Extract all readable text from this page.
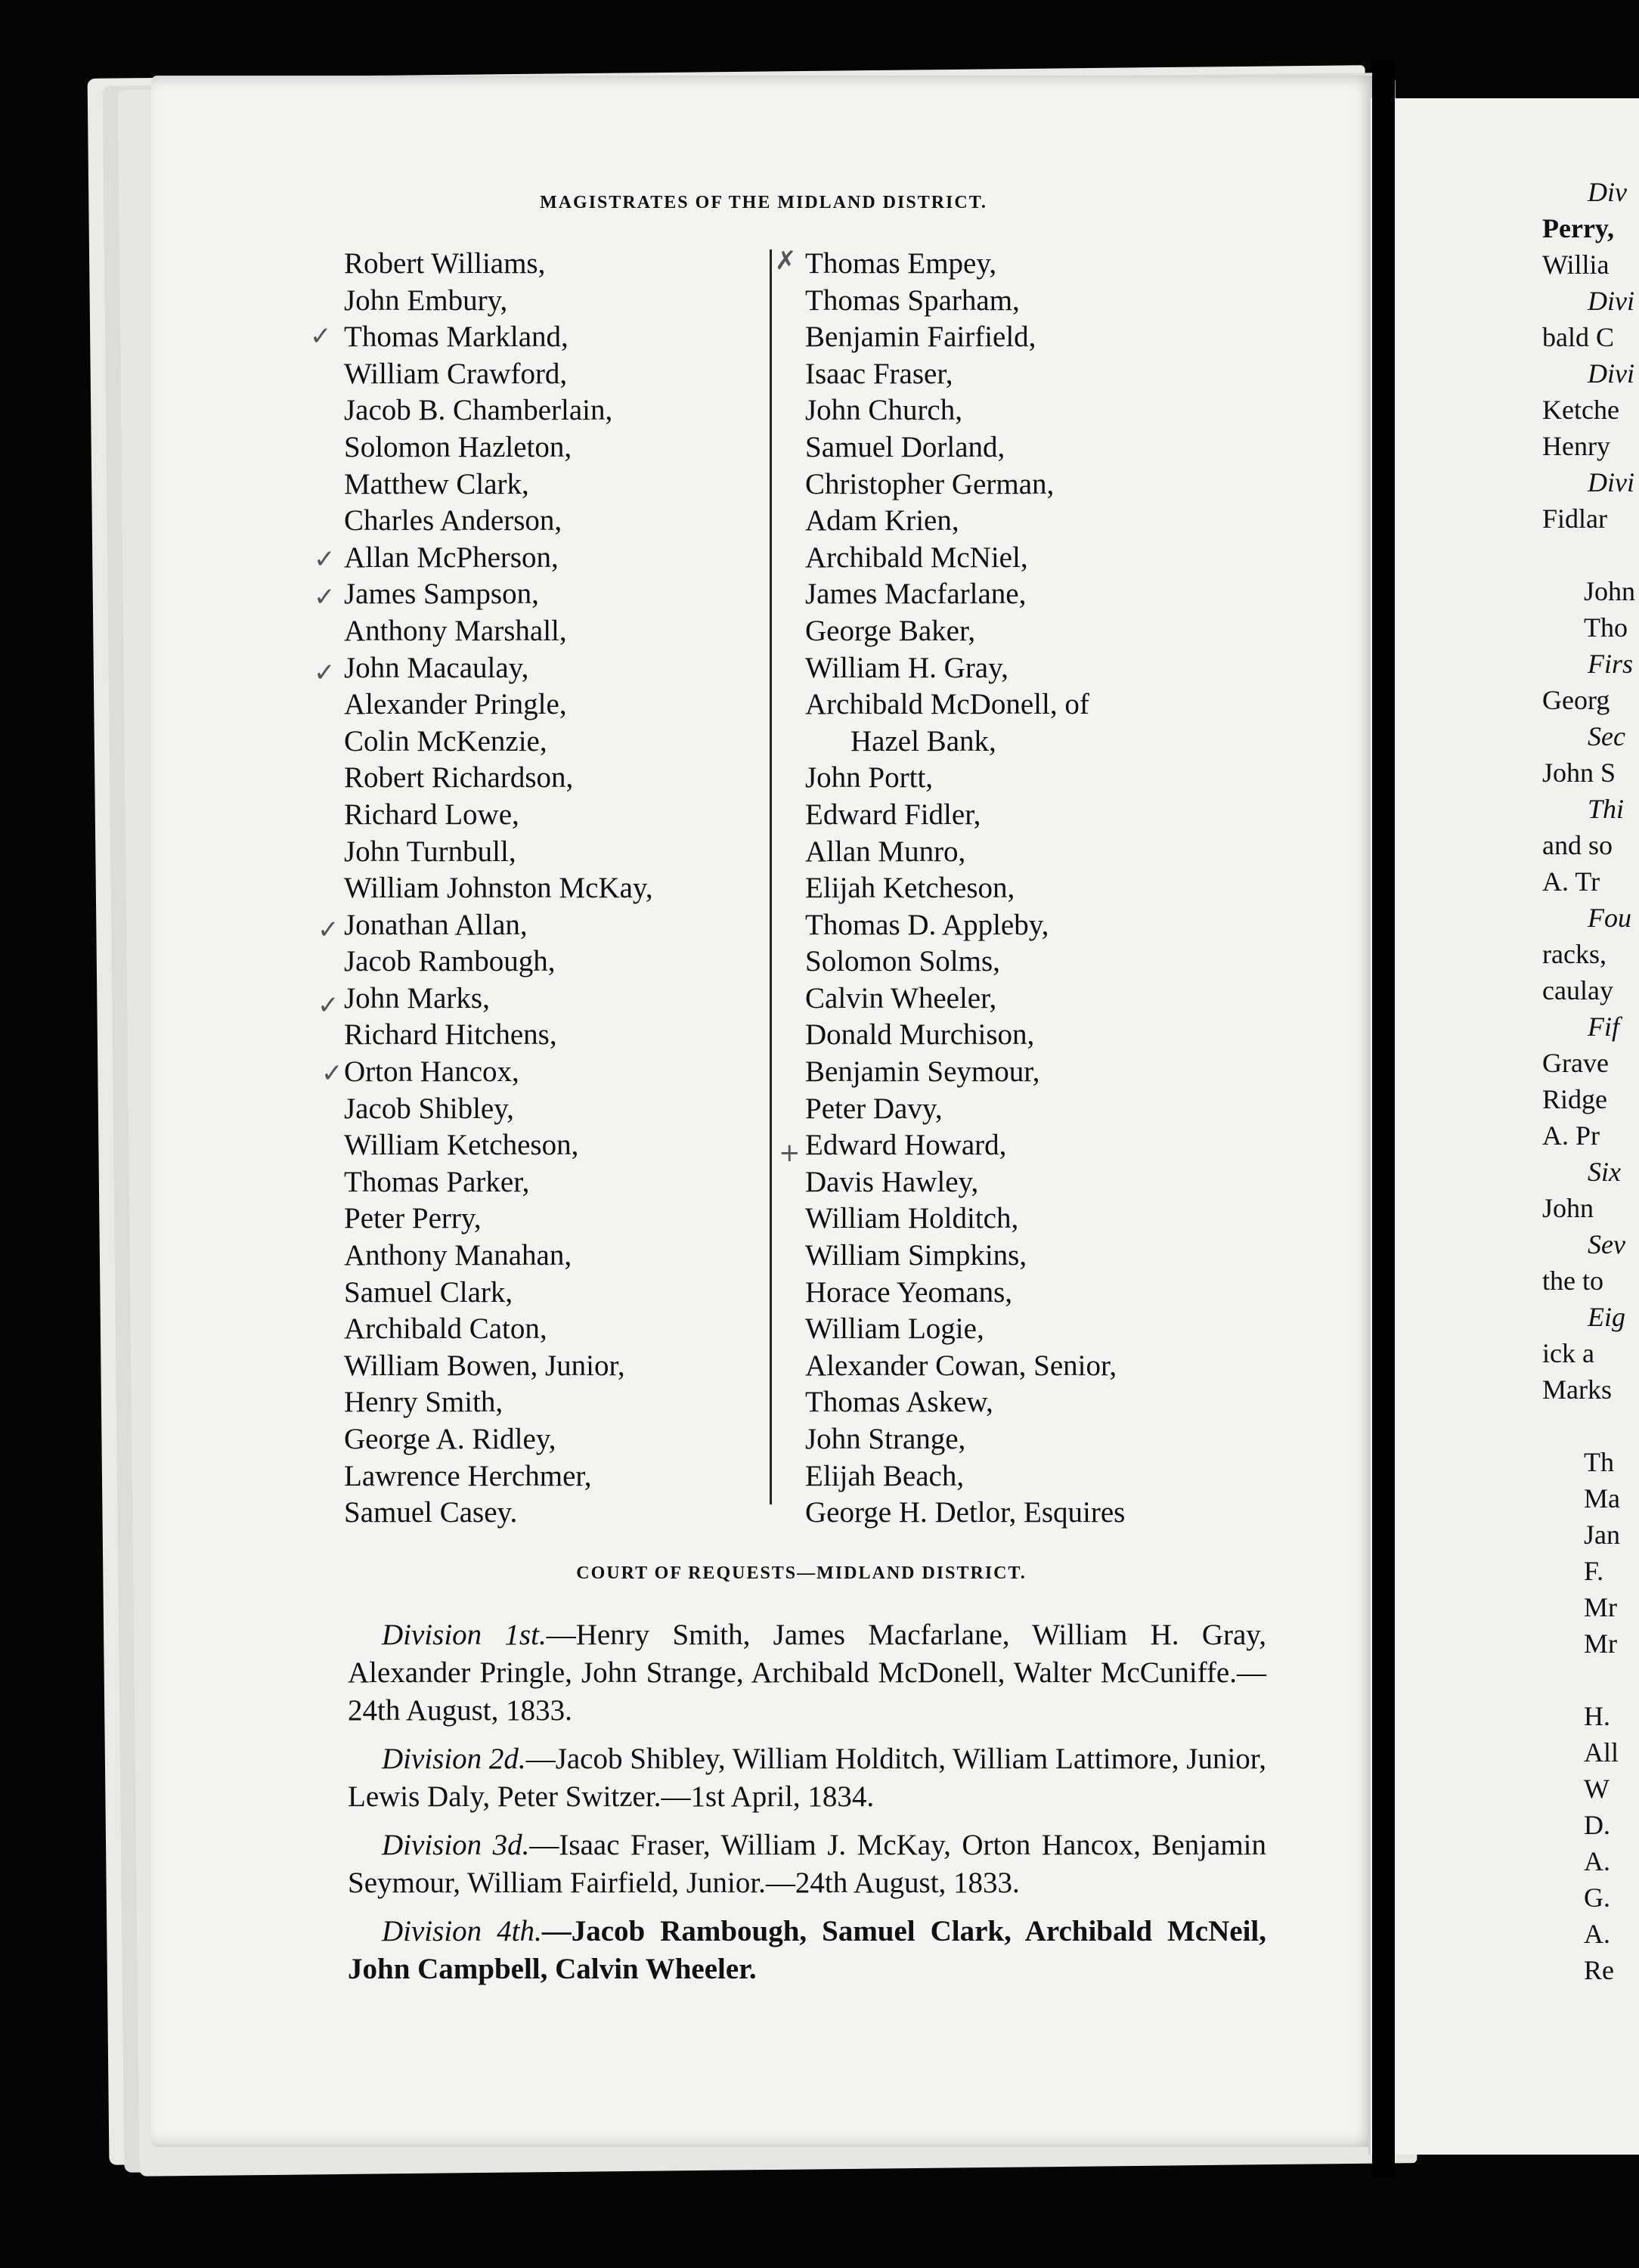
MAGISTRATES OF THE MIDLAND DISTRICT.
Robert Williams,
John Embury,
Thomas Markland,
William Crawford,
Jacob B. Chamberlain,
Solomon Hazleton,
Matthew Clark,
Charles Anderson,
Allan McPherson,
James Sampson,
Anthony Marshall,
John Macaulay,
Alexander Pringle,
Colin McKenzie,
Robert Richardson,
Richard Lowe,
John Turnbull,
William Johnston McKay,
Jonathan Allan,
Jacob Rambough,
John Marks,
Richard Hitchens,
Orton Hancox,
Jacob Shibley,
William Ketcheson,
Thomas Parker,
Peter Perry,
Anthony Manahan,
Samuel Clark,
Archibald Caton,
William Bowen, Junior,
Henry Smith,
George A. Ridley,
Lawrence Herchmer,
Samuel Casey.
Thomas Empey,
Thomas Sparham,
Benjamin Fairfield,
Isaac Fraser,
John Church,
Samuel Dorland,
Christopher German,
Adam Krien,
Archibald McNiel,
James Macfarlane,
George Baker,
William H. Gray,
Archibald McDonell, of
Hazel Bank,
John Portt,
Edward Fidler,
Allan Munro,
Elijah Ketcheson,
Thomas D. Appleby,
Solomon Solms,
Calvin Wheeler,
Donald Murchison,
Benjamin Seymour,
Peter Davy,
Edward Howard,
Davis Hawley,
William Holditch,
William Simpkins,
Horace Yeomans,
William Logie,
Alexander Cowan, Senior,
Thomas Askew,
John Strange,
Elijah Beach,
George H. Detlor, Esquires
✓
✓
✓
✓
✓
✓
✓
✗
+
COURT OF REQUESTS—MIDLAND DISTRICT.

Division 1st.—Henry Smith, James Macfarlane, William H. Gray, Alexander Pringle, John Strange, Archibald McDonell, Walter McCuniffe.—24th August, 1833.

Division 2d.—Jacob Shibley, William Holditch, William Lattimore, Junior, Lewis Daly, Peter Switzer.—1st April, 1834.

Division 3d.—Isaac Fraser, William J. McKay, Orton Hancox, Benjamin Seymour, William Fairfield, Junior.—24th August, 1833.

Division 4th.—Jacob Rambough, Samuel Clark, Archibald McNeil, John Campbell, Calvin Wheeler.

Div
Perry,
Willia
Divi
bald C
Divi
Ketche
Henry
Divi
Fidlar

John
Tho
Firs
Georg
Sec
John S
Thi
and so
A. Tr
Fou
racks,
caulay
Fif
Grave
Ridge
A. Pr
Six
John
Sev
the to
Eig
ick a
Marks

Th
Ma
Jan
F.
Mr
Mr

H.
All
W
D.
A.
G.
A.
Re
